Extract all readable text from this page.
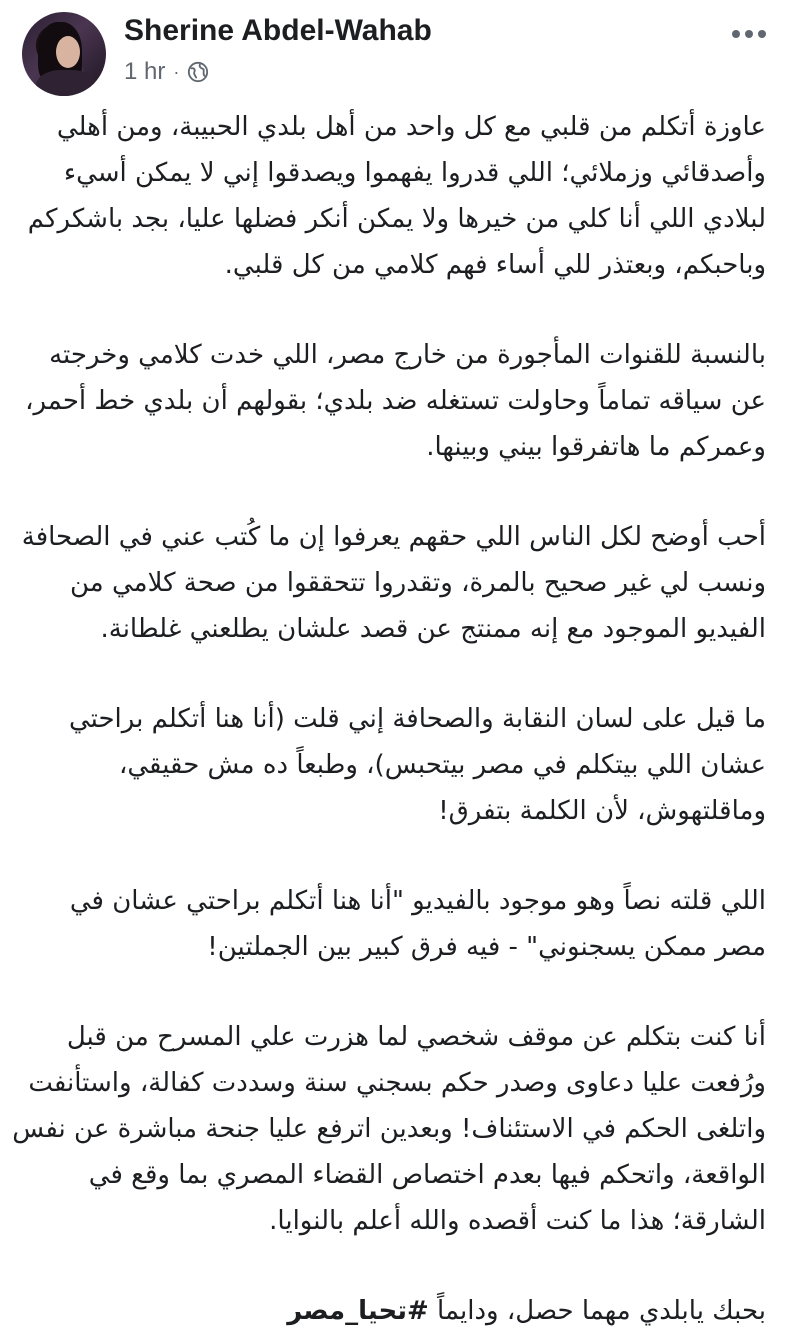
Sherine Abdel-Wahab
1 hr ·

عاوزة أتكلم من قلبي مع كل واحد من أهل بلدي الحبيبة، ومن أهلي وأصدقائي وزملائي؛ اللي قدروا يفهموا ويصدقوا إني لا يمكن أسيء لبلادي اللي أنا كلي من خيرها ولا يمكن أنكر فضلها عليا، بجد باشكركم وباحبكم، وبعتذر للي أساء فهم كلامي من كل قلبي.

بالنسبة للقنوات المأجورة من خارج مصر، اللي خدت كلامي وخرجته عن سياقه تماماً وحاولت تستغله ضد بلدي؛ بقولهم أن بلدي خط أحمر، وعمركم ما هاتفرقوا بيني وبينها.

أحب أوضح لكل الناس اللي حقهم يعرفوا إن ما كُتب عني في الصحافة ونسب لي غير صحيح بالمرة، وتقدروا تتحققوا من صحة كلامي من الفيديو الموجود مع إنه ممنتج عن قصد علشان يطلعني غلطانة.

ما قيل على لسان النقابة والصحافة إني قلت (أنا هنا أتكلم براحتي عشان اللي بيتكلم في مصر بيتحبس)، وطبعاً ده مش حقيقي، وماقلتهوش، لأن الكلمة بتفرق!

اللي قلته نصاً وهو موجود بالفيديو "أنا هنا أتكلم براحتي عشان في مصر ممكن يسجنوني" - فيه فرق كبير بين الجملتين!

أنا كنت بتكلم عن موقف شخصي لما هزرت علي المسرح من قبل ورُفعت عليا دعاوى وصدر حكم بسجني سنة وسددت كفالة، واستأنفت واتلغى الحكم في الاستئناف! وبعدين اترفع عليا جنحة مباشرة عن نفس الواقعة، واتحكم فيها بعدم اختصاص القضاء المصري بما وقع في الشارقة؛ هذا ما كنت أقصده والله أعلم بالنوايا.

بحبك يابلدي مهما حصل، ودايماً #تحيا_مصر
